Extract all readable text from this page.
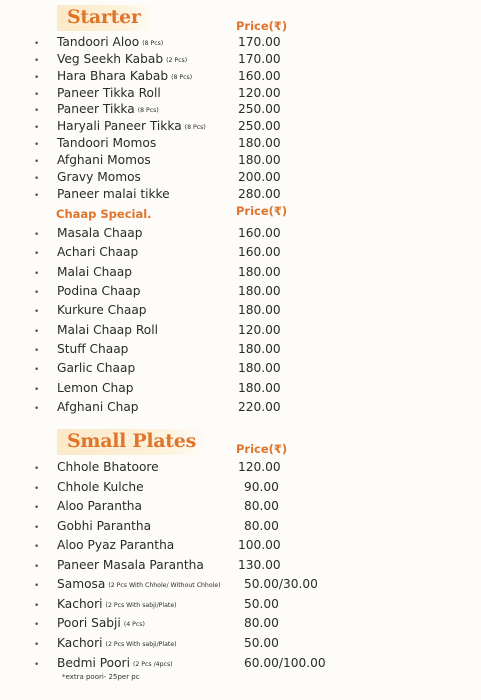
Starter	Price(₹)
• Tandoori Aloo (8 Pcs)	170.00
• Veg Seekh Kabab (2 Pcs)	170.00
• Hara Bhara Kabab (8 Pcs)	160.00
• Paneer Tikka Roll	120.00
• Paneer Tikka (8 Pcs)	250.00
• Haryali Paneer Tikka (8 Pcs)	250.00
• Tandoori Momos	180.00
• Afghani Momos	180.00
• Gravy Momos	200.00
• Paneer malai tikke	280.00
Chaap Special.	Price(₹)
• Masala Chaap	160.00
• Achari Chaap	160.00
• Malai Chaap	180.00
• Podina Chaap	180.00
• Kurkure Chaap	180.00
• Malai Chaap Roll	120.00
• Stuff Chaap	180.00
• Garlic Chaap	180.00
• Lemon Chap	180.00
• Afghani Chap	220.00
Small Plates	Price(₹)
• Chhole Bhatoore	120.00
• Chhole Kulche	90.00
• Aloo Parantha	80.00
• Gobhi Parantha	80.00
• Aloo Pyaz Parantha	100.00
• Paneer Masala Parantha	130.00
• Samosa (2 Pcs With Chhole/ Without Chhole) 50.00/30.00
• Kachori (2 Pcs With sabji/Plate)	50.00
• Poori Sabji (4 Pcs)	80.00
• Kachori (2 Pcs With sabji/Plate)	50.00
• Bedmi Poori (2 Pcs /4pcs)	60.00/100.00
*extra poori- 25per pc
